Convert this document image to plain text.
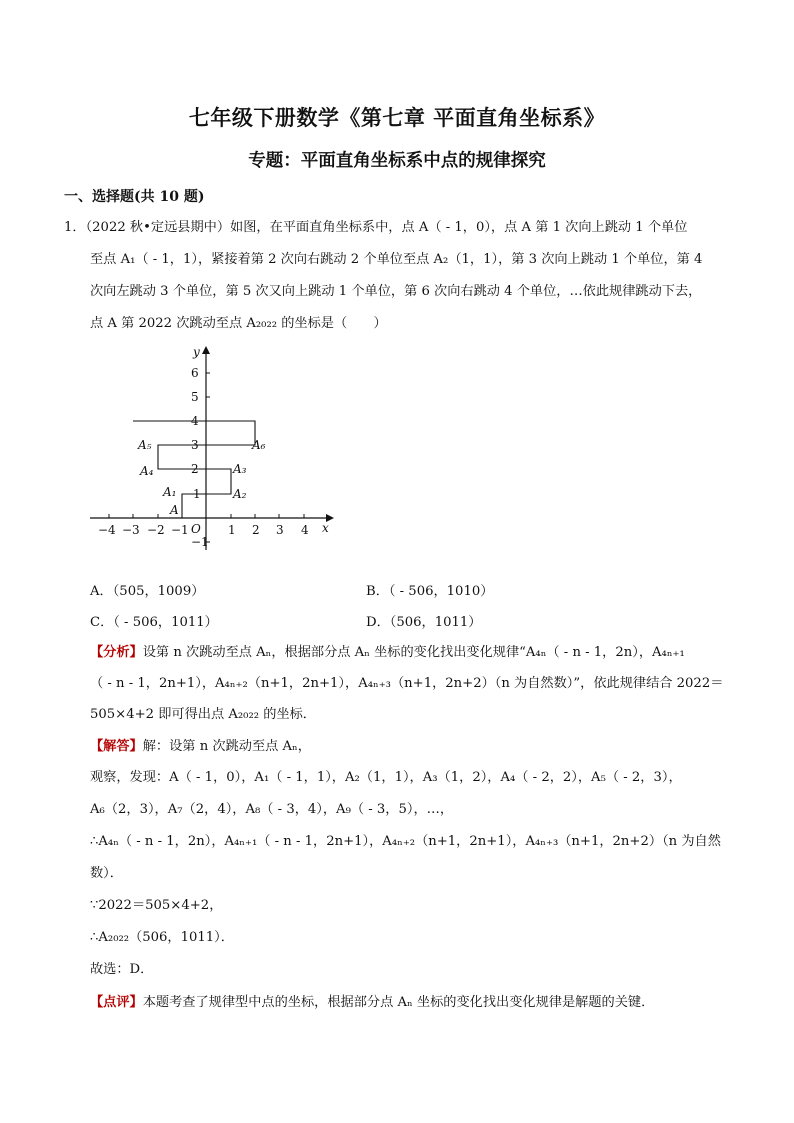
七年级下册数学《第七章 平面直角坐标系》
专题：平面直角坐标系中点的规律探究
一、选择题(共 10 题)
1．（2022 秋•定远县期中）如图，在平面直角坐标系中，点 A（ - 1，0），点 A 第 1 次向上跳动 1 个单位
至点 A₁（ - 1，1），紧接着第 2 次向右跳动 2 个单位至点 A₂（1，1），第 3 次向上跳动 1 个单位，第 4
次向左跳动 3 个单位，第 5 次又向上跳动 1 个单位，第 6 次向右跳动 4 个单位，…依此规律跳动下去，
点 A 第 2022 次跳动至点 A₂₀₂₂ 的坐标是（　　）
x
y
O
−4 −3 −2 −1	1 2 3 4
6
5
4
3
2
1
−1
A
A₁	A₂
A₃
A₄
A₅	A₆
A．（505，1009）	B．（ - 506，1010）
C．（ - 506，1011）	D．（506，1011）
【分析】设第 n 次跳动至点 Aₙ，根据部分点 Aₙ 坐标的变化找出变化规律“A₄ₙ（ - n - 1，2n），A₄ₙ₊₁
（ - n - 1，2n+1），A₄ₙ₊₂（n+1，2n+1），A₄ₙ₊₃（n+1，2n+2）（n 为自然数）”，依此规律结合 2022＝
505×4+2 即可得出点 A₂₀₂₂ 的坐标．
【解答】解：设第 n 次跳动至点 Aₙ，
观察，发现：A（ - 1，0），A₁（ - 1，1），A₂（1，1），A₃（1，2），A₄（ - 2，2），A₅（ - 2，3），
A₆（2，3），A₇（2，4），A₈（ - 3，4），A₉（ - 3，5），…，
∴A₄ₙ（ - n - 1，2n），A₄ₙ₊₁（ - n - 1，2n+1），A₄ₙ₊₂（n+1，2n+1），A₄ₙ₊₃（n+1，2n+2）（n 为自然
数）．
∵2022＝505×4+2，
∴A₂₀₂₂（506，1011）．
故选：D．
【点评】本题考查了规律型中点的坐标，根据部分点 Aₙ 坐标的变化找出变化规律是解题的关键．
